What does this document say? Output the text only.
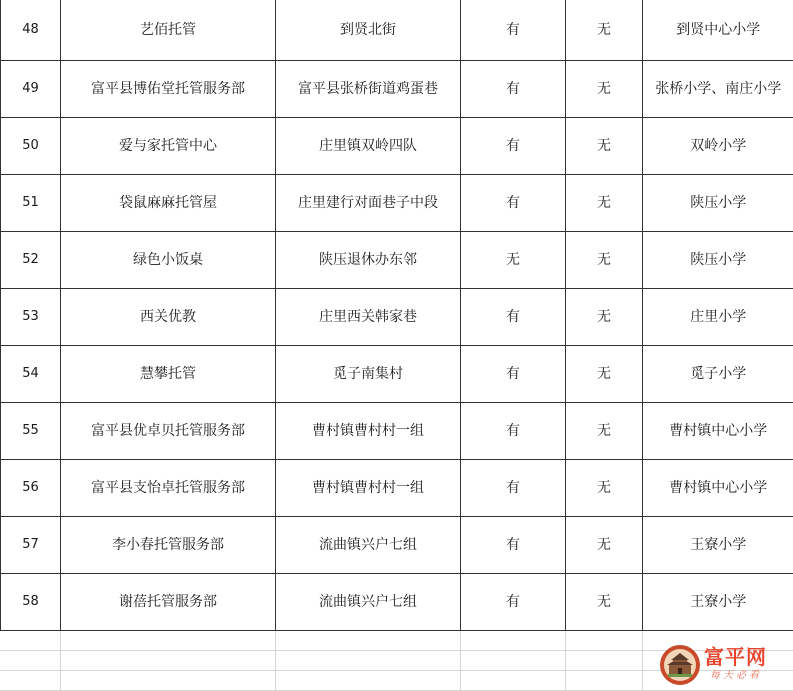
48	艺佰托管	到贤北街	有	无	到贤中心小学
49	富平县博佑堂托管服务部	富平县张桥街道鸡蛋巷	有	无	张桥小学、南庄小学
50	爱与家托管中心	庄里镇双岭四队	有	无	双岭小学
51	袋鼠麻麻托管屋	庄里建行对面巷子中段	有	无	陕压小学
52	绿色小饭桌	陕压退休办东邻	无	无	陕压小学
53	西关优教	庄里西关韩家巷	有	无	庄里小学
54	慧攀托管	觅子南集村	有	无	觅子小学
55	富平县优卓贝托管服务部	曹村镇曹村村一组	有	无	曹村镇中心小学
56	富平县支怡卓托管服务部	曹村镇曹村村一组	有	无	曹村镇中心小学
57	李小春托管服务部	流曲镇兴户七组	有	无	王寮小学
58	谢蓓托管服务部	流曲镇兴户七组	有	无	王寮小学
富平网
每天必看
